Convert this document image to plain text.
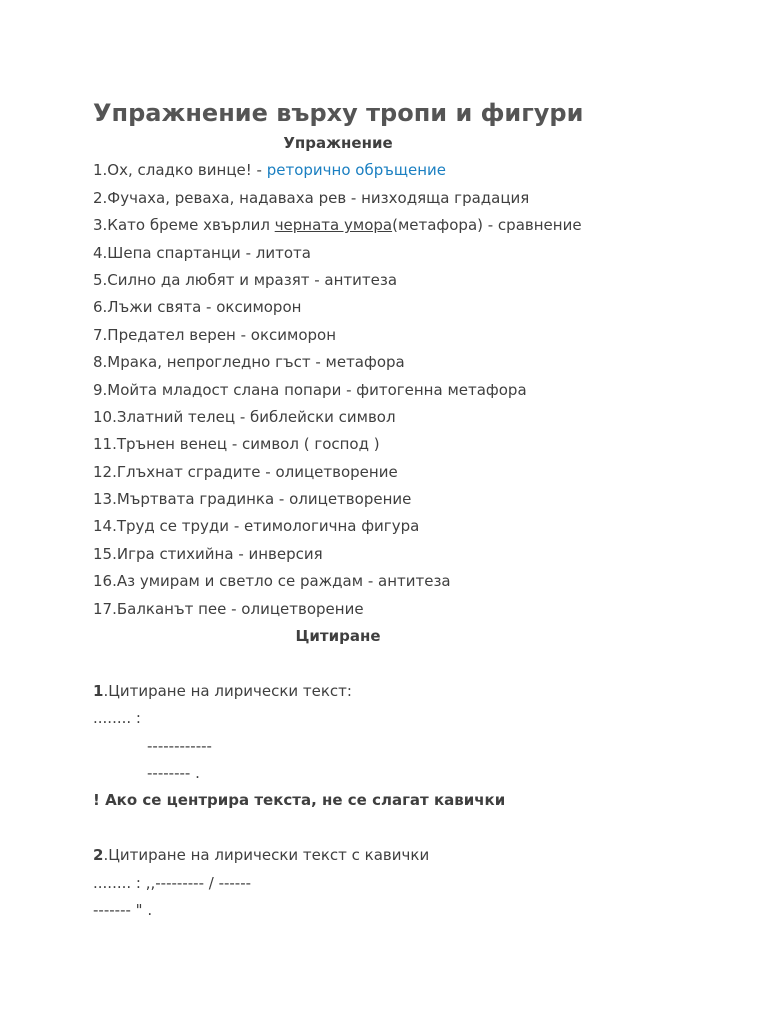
Упражнение върху тропи и фигури
Упражнение
1.Ох, сладко винце! - реторично обръщение
2.Фучаха, реваха, надаваха рев - низходяща градация
3.Като бреме хвърлил черната умора(метафора) - сравнение
4.Шепа спартанци - литота
5.Силно да любят и мразят - антитеза
6.Лъжи свята - оксиморон
7.Предател верен - оксиморон
8.Мрака, непрогледно гъст - метафора
9.Мойта младост слана попари - фитогенна метафора
10.Златний телец - библейски символ
11.Трънен венец - символ ( господ )
12.Глъхнат сградите - олицетворение
13.Мъртвата градинка - олицетворение
14.Труд се труди - етимологична фигура
15.Игра стихийна - инверсия
16.Аз умирам и светло се раждам - антитеза
17.Балканът пее - олицетворение
Цитиране
1.Цитиране на лирически текст:
........ :
------------
-------- .
! Ако се центрира текста, не се слагат кавички
2.Цитиране на лирически текст с кавички
........ : ,,--------- / ------
------- " .
